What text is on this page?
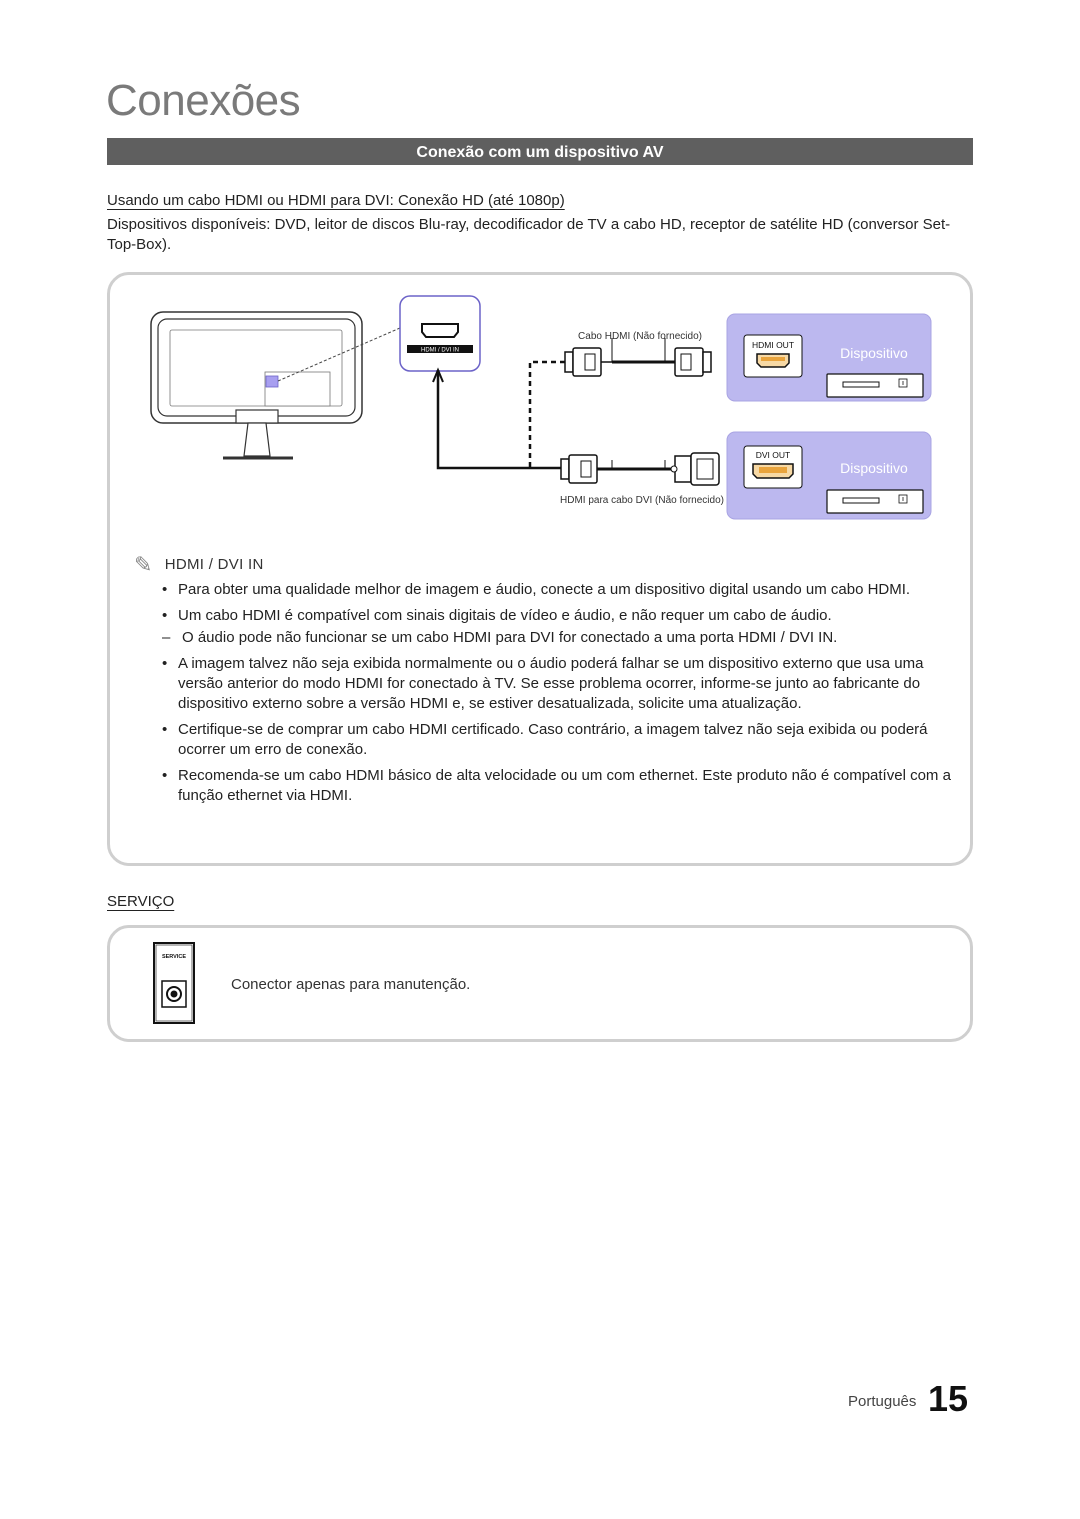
Conexões
Conexão com um dispositivo AV
Usando um cabo HDMI ou HDMI para DVI: Conexão HD (até 1080p)
Dispositivos disponíveis: DVD, leitor de discos Blu-ray, decodificador de TV a cabo HD, receptor de satélite HD (conversor Set-Top-Box).
HDMI / DVI IN
Cabo HDMI (Não fornecido)
HDMI para cabo DVI (Não fornecido)
HDMI OUT	Dispositivo
DVI OUT
Dispositivo
✎ HDMI / DVI IN
• Para obter uma qualidade melhor de imagem e áudio, conecte a um dispositivo digital usando um cabo HDMI.
• Um cabo HDMI é compatível com sinais digitais de vídeo e áudio, e não requer um cabo de áudio.
– O áudio pode não funcionar se um cabo HDMI para DVI for conectado a uma porta HDMI / DVI IN.
• A imagem talvez não seja exibida normalmente ou o áudio poderá falhar se um dispositivo externo que usa uma versão anterior do modo HDMI for conectado à TV. Se esse problema ocorrer, informe-se junto ao fabricante do dispositivo externo sobre a versão HDMI e, se estiver desatualizada, solicite uma atualização.
• Certifique-se de comprar um cabo HDMI certificado. Caso contrário, a imagem talvez não seja exibida ou poderá ocorrer um erro de conexão.
• Recomenda-se um cabo HDMI básico de alta velocidade ou um com ethernet. Este produto não é compatível com a função ethernet via HDMI.
SERVIÇO
SERVICE
Conector apenas para manutenção.
Português 15
